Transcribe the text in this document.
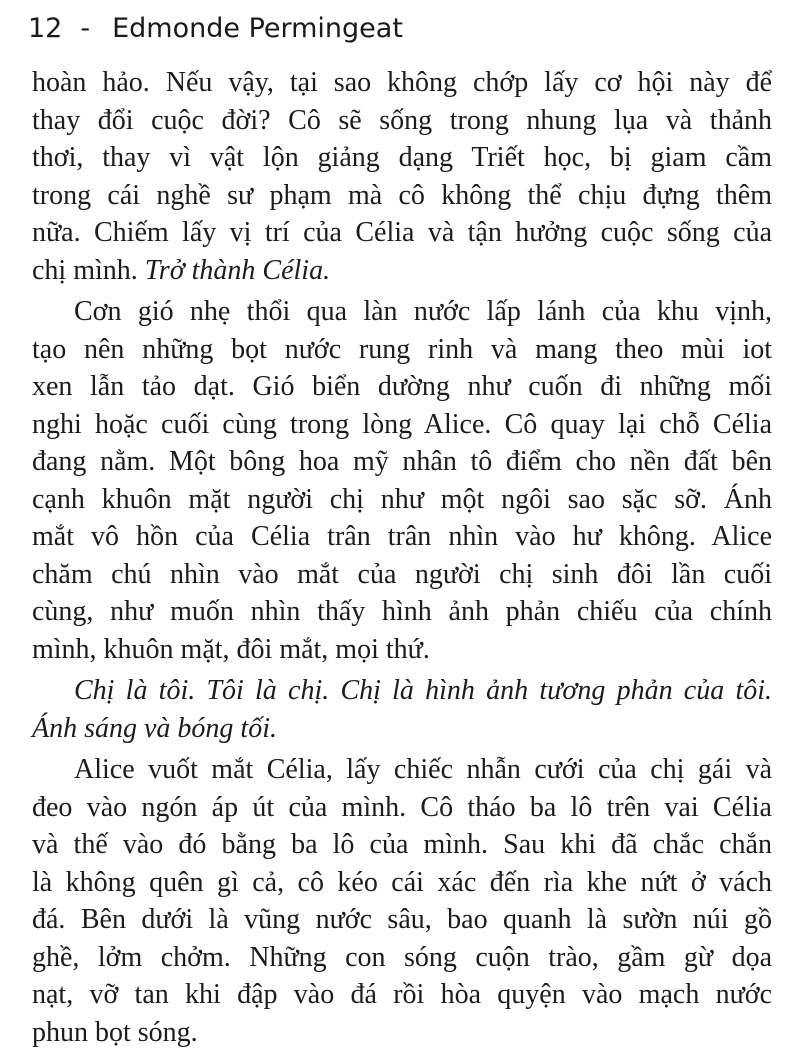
12 - Edmonde Permingeat
hoàn hảo. Nếu vậy, tại sao không chớp lấy cơ hội này để
thay đổi cuộc đời? Cô sẽ sống trong nhung lụa và thảnh
thơi, thay vì vật lộn giảng dạng Triết học, bị giam cầm
trong cái nghề sư phạm mà cô không thể chịu đựng thêm
nữa. Chiếm lấy vị trí của Célia và tận hưởng cuộc sống của
chị mình. Trở thành Célia.
Cơn gió nhẹ thổi qua làn nước lấp lánh của khu vịnh,
tạo nên những bọt nước rung rinh và mang theo mùi iot
xen lẫn tảo dạt. Gió biển dường như cuốn đi những mối
nghi hoặc cuối cùng trong lòng Alice. Cô quay lại chỗ Célia
đang nằm. Một bông hoa mỹ nhân tô điểm cho nền đất bên
cạnh khuôn mặt người chị như một ngôi sao sặc sỡ. Ánh
mắt vô hồn của Célia trân trân nhìn vào hư không. Alice
chăm chú nhìn vào mắt của người chị sinh đôi lần cuối
cùng, như muốn nhìn thấy hình ảnh phản chiếu của chính
mình, khuôn mặt, đôi mắt, mọi thứ.
Chị là tôi. Tôi là chị. Chị là hình ảnh tương phản của tôi.
Ánh sáng và bóng tối.
Alice vuốt mắt Célia, lấy chiếc nhẫn cưới của chị gái và
đeo vào ngón áp út của mình. Cô tháo ba lô trên vai Célia
và thế vào đó bằng ba lô của mình. Sau khi đã chắc chắn
là không quên gì cả, cô kéo cái xác đến rìa khe nứt ở vách
đá. Bên dưới là vũng nước sâu, bao quanh là sườn núi gồ
ghề, lởm chởm. Những con sóng cuộn trào, gầm gừ dọa
nạt, vỡ tan khi đập vào đá rồi hòa quyện vào mạch nước
phun bọt sóng.
